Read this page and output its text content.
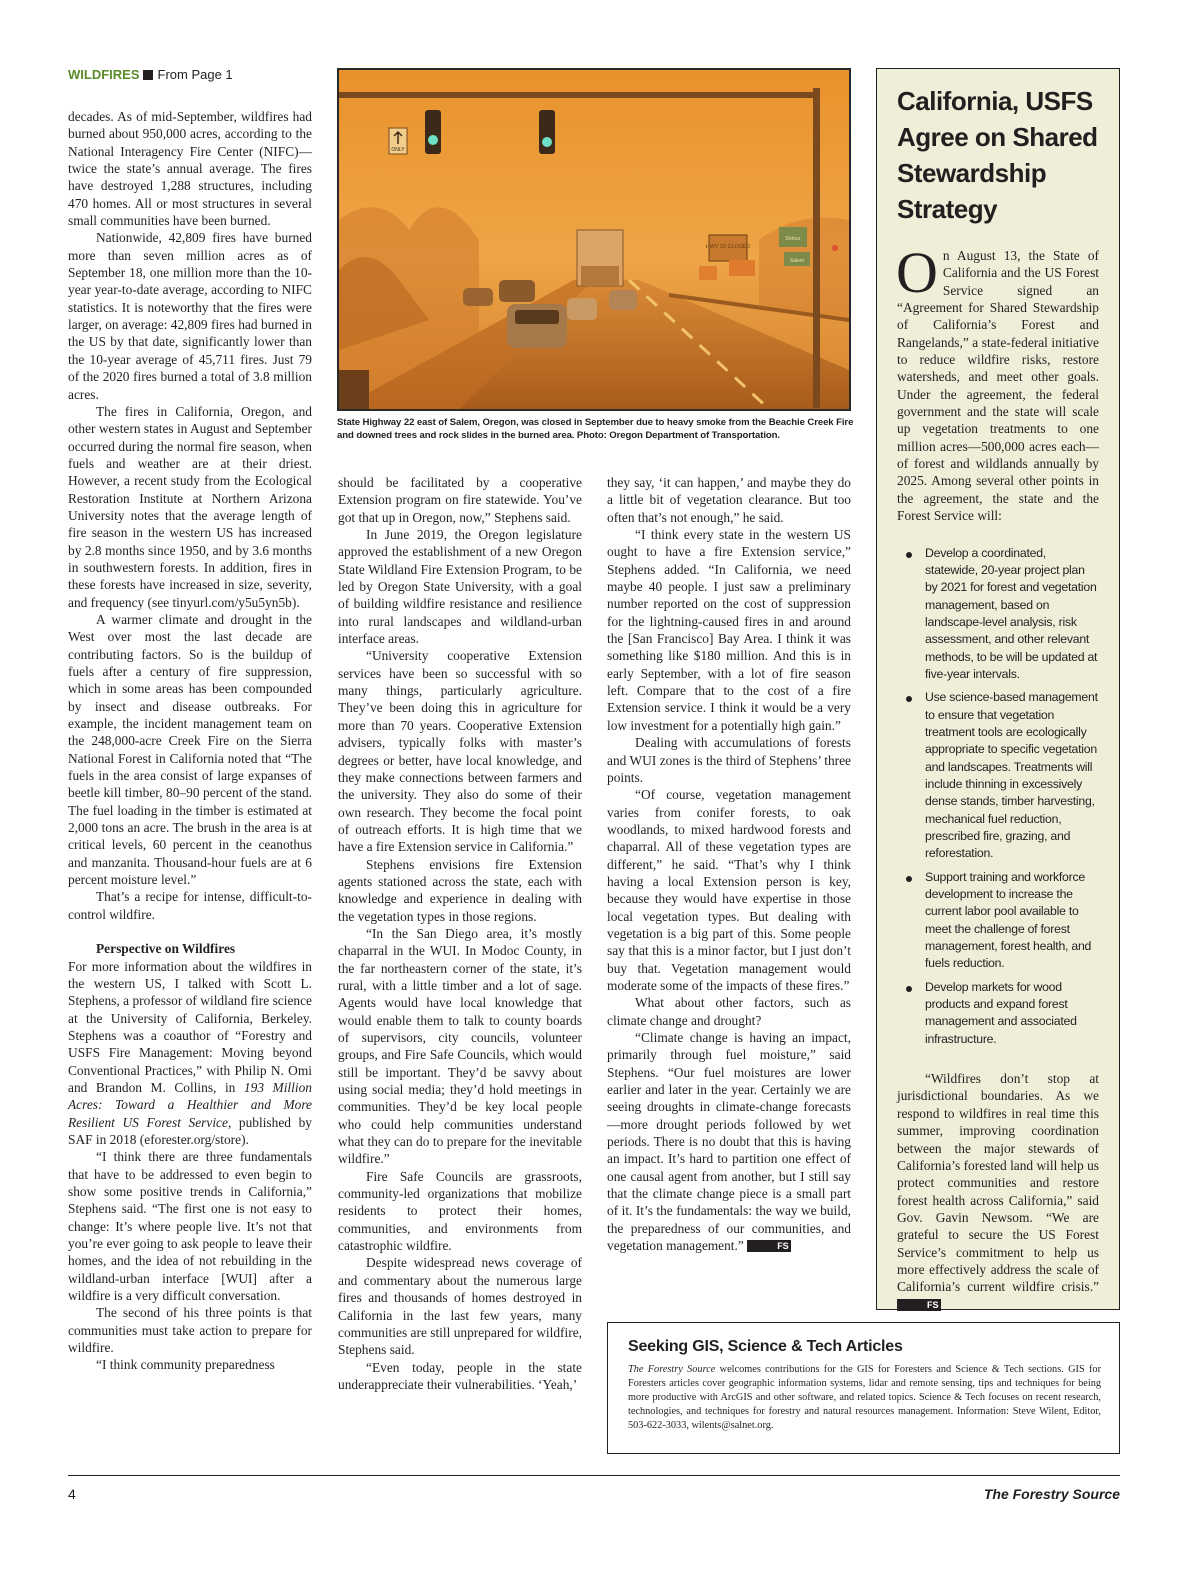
WILDFIRES From Page 1

decades. As of mid-September, wildfires had burned about 950,000 acres, according to the National Interagency Fire Center (NIFC)—twice the state’s annual average. The fires have destroyed 1,288 structures, including 470 homes. All or most structures in several small communities have been burned.

Nationwide, 42,809 fires have burned more than seven million acres as of September 18, one million more than the 10-year year-to-date average, according to NIFC statistics. It is noteworthy that the fires were larger, on average: 42,809 fires had burned in the US by that date, significantly lower than the 10-year average of 45,711 fires. Just 79 of the 2020 fires burned a total of 3.8 million acres.

The fires in California, Oregon, and other western states in August and September occurred during the normal fire season, when fuels and weather are at their driest. However, a recent study from the Ecological Restoration Institute at Northern Arizona University notes that the average length of fire season in the western US has increased by 2.8 months since 1950, and by 3.6 months in southwestern forests. In addition, fires in these forests have increased in size, severity, and frequency (see tinyurl.com/y5u5yn5b).

A warmer climate and drought in the West over most the last decade are contributing factors. So is the buildup of fuels after a century of fire suppression, which in some areas has been compounded by insect and disease outbreaks. For example, the incident management team on the 248,000-acre Creek Fire on the Sierra National Forest in California noted that “The fuels in the area consist of large expanses of beetle kill timber, 80–90 percent of the stand. The fuel loading in the timber is estimated at 2,000 tons an acre. The brush in the area is at critical levels, 60 percent in the ceanothus and manzanita. Thousand-hour fuels are at 6 percent moisture level.”

That’s a recipe for intense, difficult-to-control wildfire.

Perspective on Wildfires

For more information about the wildfires in the western US, I talked with Scott L. Stephens, a professor of wildland fire science at the University of California, Berkeley. Stephens was a coauthor of “Forestry and USFS Fire Management: Moving beyond Conventional Practices,” with Philip N. Omi and Brandon M. Collins, in 193 Million Acres: Toward a Healthier and More Resilient US Forest Service, published by SAF in 2018 (eforester.org/store).

“I think there are three fundamentals that have to be addressed to even begin to show some positive trends in California,” Stephens said. “The first one is not easy to change: It’s where people live. It’s not that you’re ever going to ask people to leave their homes, and the idea of not rebuilding in the wildland-urban interface [WUI] after a wildfire is a very difficult conversation.

The second of his three points is that communities must take action to prepare for wildfire.

“I think community preparedness

ONLY
HWY 22 CLOSED
Detour
Salem
State Highway 22 east of Salem, Oregon, was closed in September due to heavy smoke from the Beachie Creek Fire and downed trees and rock slides in the burned area. Photo: Oregon Department of Transportation.

should be facilitated by a cooperative Extension program on fire statewide. You’ve got that up in Oregon, now,” Stephens said.

In June 2019, the Oregon legislature approved the establishment of a new Oregon State Wildland Fire Extension Program, to be led by Oregon State University, with a goal of building wildfire resistance and resilience into rural landscapes and wildland-urban interface areas.

“University cooperative Extension services have been so successful with so many things, particularly agriculture. They’ve been doing this in agriculture for more than 70 years. Cooperative Extension advisers, typically folks with master’s degrees or better, have local knowledge, and they make connections between farmers and the university. They also do some of their own research. They become the focal point of outreach efforts. It is high time that we have a fire Extension service in California.”

Stephens envisions fire Extension agents stationed across the state, each with knowledge and experience in dealing with the vegetation types in those regions.

“In the San Diego area, it’s mostly chaparral in the WUI. In Modoc County, in the far northeastern corner of the state, it’s rural, with a little timber and a lot of sage. Agents would have local knowledge that would enable them to talk to county boards of supervisors, city councils, volunteer groups, and Fire Safe Councils, which would still be important. They’d be savvy about using social media; they’d hold meetings in communities. They’d be key local people who could help communities understand what they can do to prepare for the inevitable wildfire.”

Fire Safe Councils are grassroots, community-led organizations that mobilize residents to protect their homes, communities, and environments from catastrophic wildfire.

Despite widespread news coverage of and commentary about the numerous large fires and thousands of homes destroyed in California in the last few years, many communities are still unprepared for wildfire, Stephens said.

“Even today, people in the state underappreciate their vulnerabilities. ‘Yeah,’

they say, ‘it can happen,’ and maybe they do a little bit of vegetation clearance. But too often that’s not enough,” he said.

“I think every state in the western US ought to have a fire Extension service,” Stephens added. “In California, we need maybe 40 people. I just saw a preliminary number reported on the cost of suppression for the lightning-caused fires in and around the [San Francisco] Bay Area. I think it was something like $180 million. And this is in early September, with a lot of fire season left. Compare that to the cost of a fire Extension service. I think it would be a very low investment for a potentially high gain.”

Dealing with accumulations of forests and WUI zones is the third of Stephens’ three points.

“Of course, vegetation management varies from conifer forests, to oak woodlands, to mixed hardwood forests and chaparral. All of these vegetation types are different,” he said. “That’s why I think having a local Extension person is key, because they would have expertise in those local vegetation types. But dealing with vegetation is a big part of this. Some people say that this is a minor factor, but I just don’t buy that. Vegetation management would moderate some of the impacts of these fires.”

What about other factors, such as climate change and drought?

“Climate change is having an impact, primarily through fuel moisture,” said Stephens. “Our fuel moistures are lower earlier and later in the year. Certainly we are seeing droughts in climate-change forecasts—more drought periods followed by wet periods. There is no doubt that this is having an impact. It’s hard to partition one effect of one causal agent from another, but I still say that the climate change piece is a small part of it. It’s the fundamentals: the way we build, the preparedness of our communities, and vegetation management.”	FS

California, USFS Agree on Shared Stewardship Strategy

On August 13, the State of California and the US Forest Service signed an “Agreement for Shared Stewardship of California’s Forest and Rangelands,” a state-federal initiative to reduce wildfire risks, restore watersheds, and meet other goals. Under the agreement, the federal government and the state will scale up vegetation treatments to one million acres—500,000 acres each—of forest and wildlands annually by 2025. Among several other points in the agreement, the state and the Forest Service will:

Develop a coordinated, statewide, 20-year project plan by 2021 for forest and vegetation management, based on landscape-level analysis, risk assessment, and other relevant methods, to be will be updated at five-year intervals.
Use science-based management to ensure that vegetation treatment tools are ecologically appropriate to specific vegetation and landscapes. Treatments will include thinning in excessively dense stands, timber harvesting, mechanical fuel reduction, prescribed fire, grazing, and reforestation.
Support training and workforce development to increase the current labor pool available to meet the challenge of forest management, forest health, and fuels reduction.
Develop markets for wood products and expand forest management and associated infrastructure.

“Wildfires don’t stop at jurisdictional boundaries. As we respond to wildfires in real time this summer, improving coordination between the major stewards of California’s forested land will help us protect communities and restore forest health across California,” said Gov. Gavin Newsom. “We are grateful to secure the US Forest Service’s commitment to help us more effectively address the scale of California’s current wildfire crisis.” FS

Seeking GIS, Science & Tech Articles

The Forestry Source welcomes contributions for the GIS for Foresters and Science & Tech sections. GIS for Foresters articles cover geographic information systems, lidar and remote sensing, tips and techniques for being more productive with ArcGIS and other software, and related topics. Science & Tech focuses on recent research, technologies, and techniques for forestry and natural resources management. Information: Steve Wilent, Editor, 503-622-3033, wilents@salnet.org.

4	The Forestry Source
